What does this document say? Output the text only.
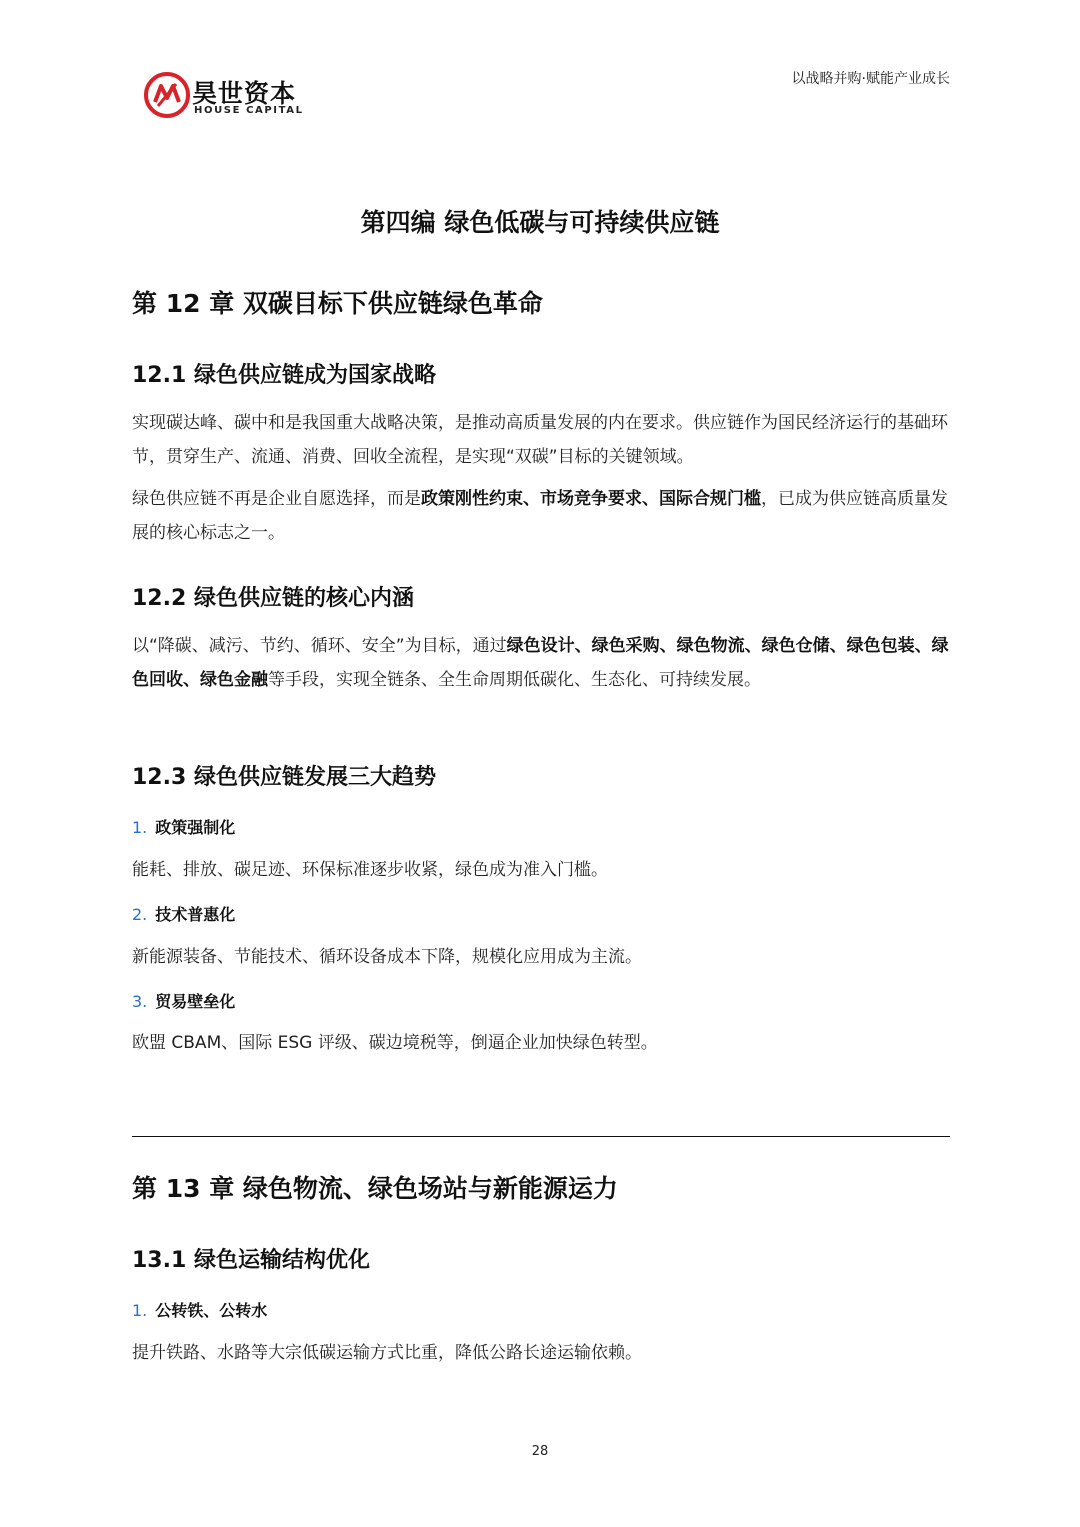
昊世资本
HOUSE CAPITAL
以战略并购·赋能产业成长
第四编 绿色低碳与可持续供应链
第 12 章 双碳目标下供应链绿色革命
12.1 绿色供应链成为国家战略
实现碳达峰、碳中和是我国重大战略决策，是推动高质量发展的内在要求。供应链作为国民经济运行的基础环节，贯穿生产、流通、消费、回收全流程，是实现“双碳”目标的关键领域。
绿色供应链不再是企业自愿选择，而是政策刚性约束、市场竞争要求、国际合规门槛，已成为供应链高质量发展的核心标志之一。
12.2 绿色供应链的核心内涵
以“降碳、减污、节约、循环、安全”为目标，通过绿色设计、绿色采购、绿色物流、绿色仓储、绿色包装、绿色回收、绿色金融等手段，实现全链条、全生命周期低碳化、生态化、可持续发展。
12.3 绿色供应链发展三大趋势
1. 政策强制化
能耗、排放、碳足迹、环保标准逐步收紧，绿色成为准入门槛。
2. 技术普惠化
新能源装备、节能技术、循环设备成本下降，规模化应用成为主流。
3. 贸易壁垒化
欧盟 CBAM、国际 ESG 评级、碳边境税等，倒逼企业加快绿色转型。
第 13 章 绿色物流、绿色场站与新能源运力
13.1 绿色运输结构优化
1. 公转铁、公转水
提升铁路、水路等大宗低碳运输方式比重，降低公路长途运输依赖。
28
